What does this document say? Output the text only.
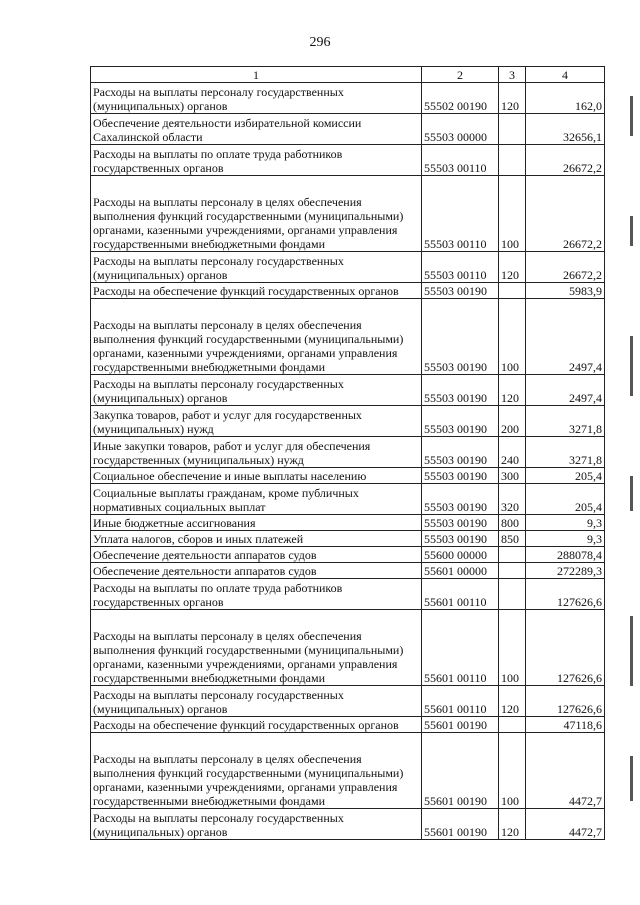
296
1	2	3	4
Расходы на выплаты персоналу государственных (муниципальных) органов	55502 00190	120	162,0
Обеспечение деятельности избирательной комиссии Сахалинской области	55503 00000		32656,1
Расходы на выплаты по оплате труда работников государственных органов	55503 00110		26672,2
Расходы на выплаты персоналу в целях обеспечения выполнения функций государственными (муниципальными) органами, казенными учреждениями, органами управления государственными внебюджетными фондами	55503 00110	100	26672,2
Расходы на выплаты персоналу государственных (муниципальных) органов	55503 00110	120	26672,2
Расходы на обеспечение функций государственных органов	55503 00190		5983,9
Расходы на выплаты персоналу в целях обеспечения выполнения функций государственными (муниципальными) органами, казенными учреждениями, органами управления государственными внебюджетными фондами	55503 00190	100	2497,4
Расходы на выплаты персоналу государственных (муниципальных) органов	55503 00190	120	2497,4
Закупка товаров, работ и услуг для государственных (муниципальных) нужд	55503 00190	200	3271,8
Иные закупки товаров, работ и услуг для обеспечения государственных (муниципальных) нужд	55503 00190	240	3271,8
Социальное обеспечение и иные выплаты населению	55503 00190	300	205,4
Социальные выплаты гражданам, кроме публичных нормативных социальных выплат	55503 00190	320	205,4
Иные бюджетные ассигнования	55503 00190	800	9,3
Уплата налогов, сборов и иных платежей	55503 00190	850	9,3
Обеспечение деятельности аппаратов судов	55600 00000		288078,4
Обеспечение деятельности аппаратов судов	55601 00000		272289,3
Расходы на выплаты по оплате труда работников государственных органов	55601 00110		127626,6
Расходы на выплаты персоналу в целях обеспечения выполнения функций государственными (муниципальными) органами, казенными учреждениями, органами управления государственными внебюджетными фондами	55601 00110	100	127626,6
Расходы на выплаты персоналу государственных (муниципальных) органов	55601 00110	120	127626,6
Расходы на обеспечение функций государственных органов	55601 00190		47118,6
Расходы на выплаты персоналу в целях обеспечения выполнения функций государственными (муниципальными) органами, казенными учреждениями, органами управления государственными внебюджетными фондами	55601 00190	100	4472,7
Расходы на выплаты персоналу государственных (муниципальных) органов	55601 00190	120	4472,7
